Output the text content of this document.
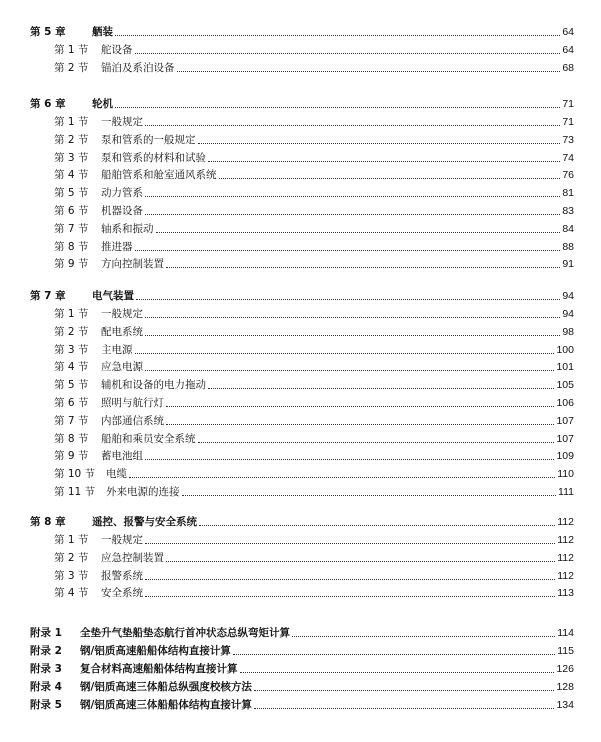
第 5 章	舾装	64
第 1 节	舵设备	64
第 2 节	锚泊及系泊设备	68
第 6 章	轮机	71
第 1 节	一般规定	71
第 2 节	泵和管系的一般规定	73
第 3 节	泵和管系的材料和试验	74
第 4 节	船舶管系和舱室通风系统	76
第 5 节	动力管系	81
第 6 节	机器设备	83
第 7 节	轴系和振动	84
第 8 节	推进器	88
第 9 节	方向控制装置	91
第 7 章	电气装置	94
第 1 节	一般规定	94
第 2 节	配电系统	98
第 3 节	主电源	100
第 4 节	应急电源	101
第 5 节	辅机和设备的电力拖动	105
第 6 节	照明与航行灯	106
第 7 节	内部通信系统	107
第 8 节	船舶和乘员安全系统	107
第 9 节	蓄电池组	109
第 10 节	电缆	110
第 11 节	外来电源的连接	111
第 8 章	遥控、报警与安全系统	112
第 1 节	一般规定	112
第 2 节	应急控制装置	112
第 3 节	报警系统	112
第 4 节	安全系统	113
附录 1	全垫升气垫船垫态航行首冲状态总纵弯矩计算	114
附录 2	钢/铝质高速船船体结构直接计算	115
附录 3	复合材料高速船船体结构直接计算	126
附录 4	钢/铝质高速三体船总纵强度校核方法	128
附录 5	钢/铝质高速三体船船体结构直接计算	134
